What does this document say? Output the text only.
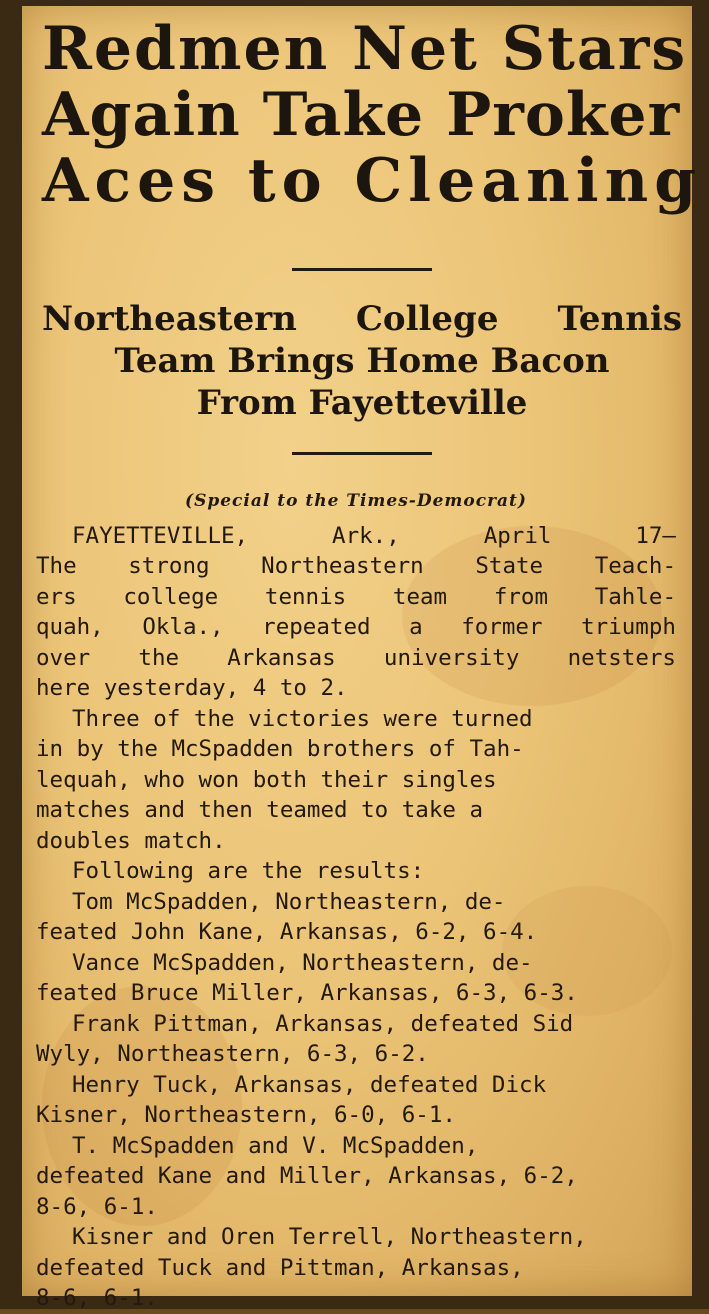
Redmen Net Stars
Again Take Proker
Aces to Cleaning
Northeastern College Tennis
Team Brings Home Bacon
From Fayetteville
(Special to the Times-Democrat)
FAYETTEVILLE,	Ark.,	April	17—
The strong Northeastern State Teach-
ers college tennis team from Tahle-
quah, Okla., repeated a former triumph
over the Arkansas university netsters
here yesterday, 4 to 2.
Three of the victories were turned
in by the McSpadden brothers of Tah-
lequah, who won both their singles
matches and then teamed to take a
doubles match.
Following are the results:
Tom McSpadden, Northeastern, de-
feated John Kane, Arkansas, 6-2, 6-4.
Vance McSpadden, Northeastern, de-
feated Bruce Miller, Arkansas, 6-3, 6-3.
Frank Pittman, Arkansas, defeated Sid
Wyly, Northeastern, 6-3, 6-2.
Henry Tuck, Arkansas, defeated Dick
Kisner, Northeastern, 6-0, 6-1.
T. McSpadden and V. McSpadden,
defeated Kane and Miller, Arkansas, 6-2,
8-6, 6-1.
Kisner and Oren Terrell, Northeastern,
defeated Tuck and Pittman, Arkansas,
8-6, 6-1.
